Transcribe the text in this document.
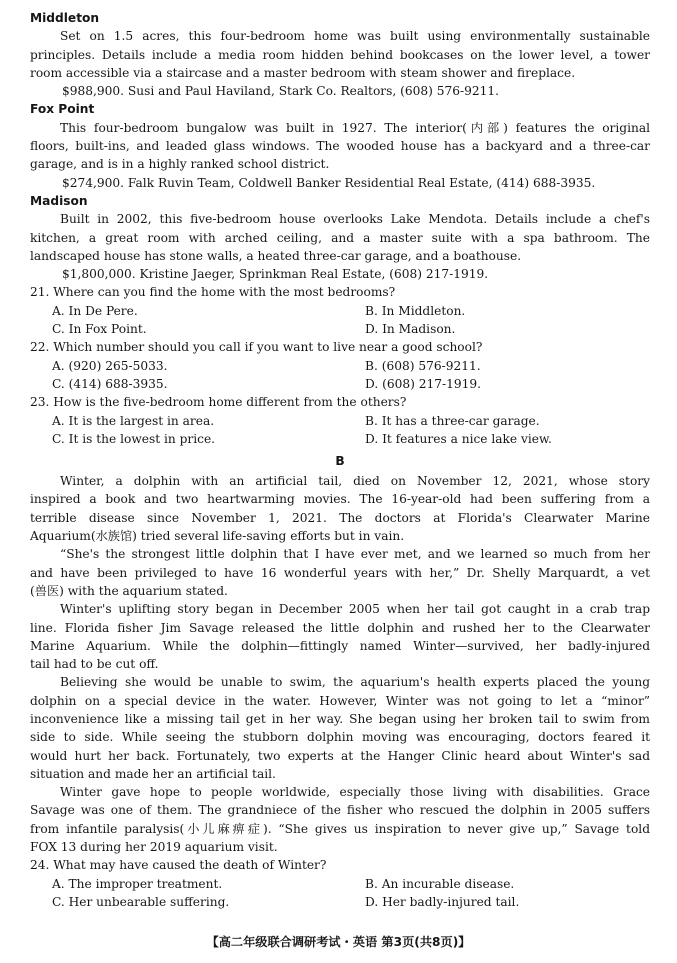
Middleton
Set on 1.5 acres, this four-bedroom home was built using environmentally sustainable
principles. Details include a media room hidden behind bookcases on the lower level, a tower
room accessible via a staircase and a master bedroom with steam shower and fireplace.
$988,900. Susi and Paul Haviland, Stark Co. Realtors, (608) 576-9211.
Fox Point
This four-bedroom bungalow was built in 1927. The interior(内部) features the original
floors, built-ins, and leaded glass windows. The wooded house has a backyard and a three-car
garage, and is in a highly ranked school district.
$274,900. Falk Ruvin Team, Coldwell Banker Residential Real Estate, (414) 688-3935.
Madison
Built in 2002, this five-bedroom house overlooks Lake Mendota. Details include a chef's
kitchen, a great room with arched ceiling, and a master suite with a spa bathroom. The
landscaped house has stone walls, a heated three-car garage, and a boathouse.
$1,800,000. Kristine Jaeger, Sprinkman Real Estate, (608) 217-1919.
21. Where can you find the home with the most bedrooms?
A. In De Pere.	B. In Middleton.
C. In Fox Point.	D. In Madison.
22. Which number should you call if you want to live near a good school?
A. (920) 265-5033.	B. (608) 576-9211.
C. (414) 688-3935.	D. (608) 217-1919.
23. How is the five-bedroom home different from the others?
A. It is the largest in area.	B. It has a three-car garage.
C. It is the lowest in price.	D. It features a nice lake view.
B
Winter, a dolphin with an artificial tail, died on November 12, 2021, whose story
inspired a book and two heartwarming movies. The 16-year-old had been suffering from a
terrible disease since November 1, 2021. The doctors at Florida's Clearwater Marine
Aquarium(水族馆) tried several life-saving efforts but in vain.
“She's the strongest little dolphin that I have ever met, and we learned so much from her
and have been privileged to have 16 wonderful years with her,” Dr. Shelly Marquardt, a vet
(兽医) with the aquarium stated.
Winter's uplifting story began in December 2005 when her tail got caught in a crab trap
line. Florida fisher Jim Savage released the little dolphin and rushed her to the Clearwater
Marine Aquarium. While the dolphin—fittingly named Winter—survived, her badly-injured
tail had to be cut off.
Believing she would be unable to swim, the aquarium's health experts placed the young
dolphin on a special device in the water. However, Winter was not going to let a “minor”
inconvenience like a missing tail get in her way. She began using her broken tail to swim from
side to side. While seeing the stubborn dolphin moving was encouraging, doctors feared it
would hurt her back. Fortunately, two experts at the Hanger Clinic heard about Winter's sad
situation and made her an artificial tail.
Winter gave hope to people worldwide, especially those living with disabilities. Grace
Savage was one of them. The grandniece of the fisher who rescued the dolphin in 2005 suffers
from infantile paralysis(小儿麻痹症). “She gives us inspiration to never give up,” Savage told
FOX 13 during her 2019 aquarium visit.
24. What may have caused the death of Winter?
A. The improper treatment.	B. An incurable disease.
C. Her unbearable suffering.	D. Her badly-injured tail.
【高二年级联合调研考试・英语 第3页(共8页)】
